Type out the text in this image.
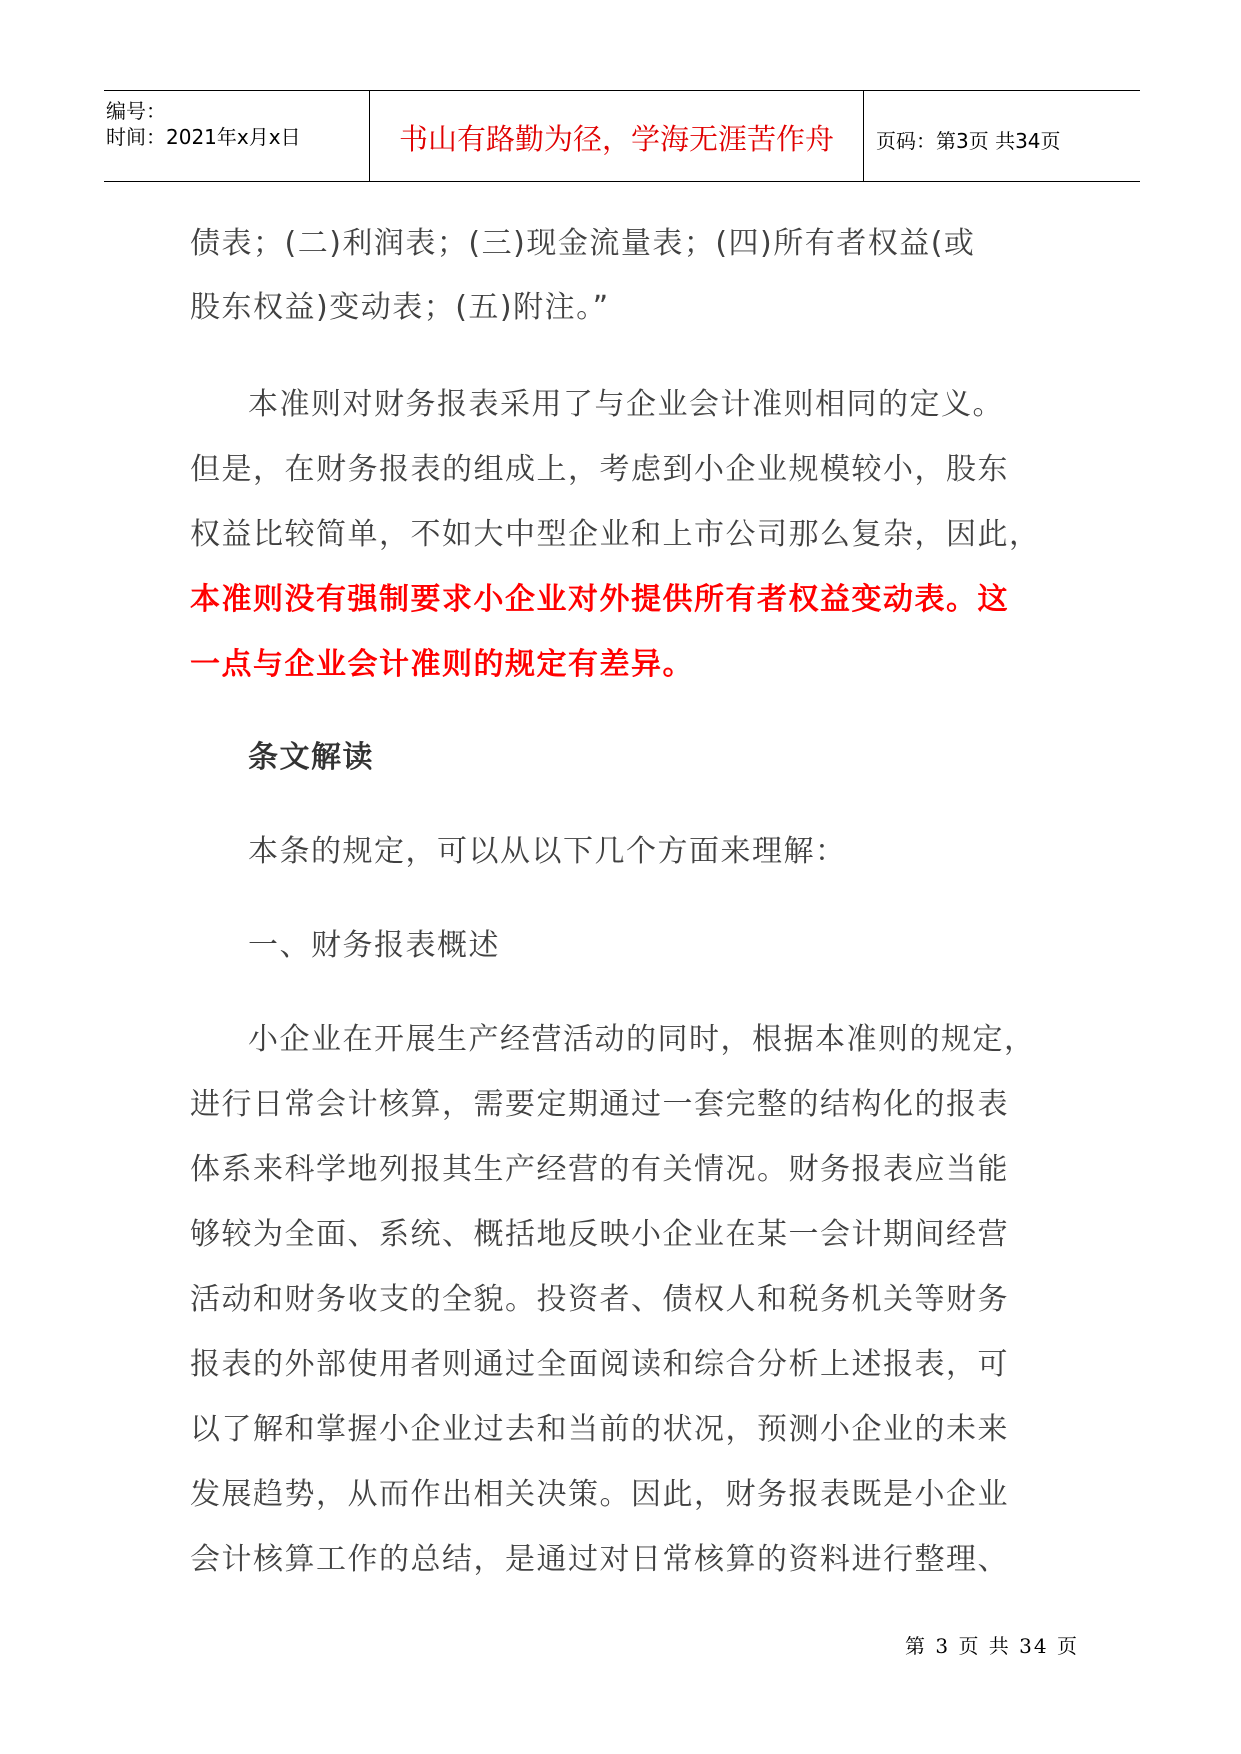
编号：
时间：2021年x月x日	书山有路勤为径，学海无涯苦作舟	页码：第3页 共34页
债表；(二)利润表；(三)现金流量表；(四)所有者权益(或
股东权益)变动表；(五)附注。”
本准则对财务报表采用了与企业会计准则相同的定义。
但是，在财务报表的组成上，考虑到小企业规模较小，股东
权益比较简单，不如大中型企业和上市公司那么复杂，因此，
本准则没有强制要求小企业对外提供所有者权益变动表。这
一点与企业会计准则的规定有差异。
条文解读
本条的规定，可以从以下几个方面来理解：
一、财务报表概述
小企业在开展生产经营活动的同时，根据本准则的规定，
进行日常会计核算，需要定期通过一套完整的结构化的报表
体系来科学地列报其生产经营的有关情况。财务报表应当能
够较为全面、系统、概括地反映小企业在某一会计期间经营
活动和财务收支的全貌。投资者、债权人和税务机关等财务
报表的外部使用者则通过全面阅读和综合分析上述报表，可
以了解和掌握小企业过去和当前的状况，预测小企业的未来
发展趋势，从而作出相关决策。因此，财务报表既是小企业
会计核算工作的总结，是通过对日常核算的资料进行整理、
第 3 页 共 34 页
